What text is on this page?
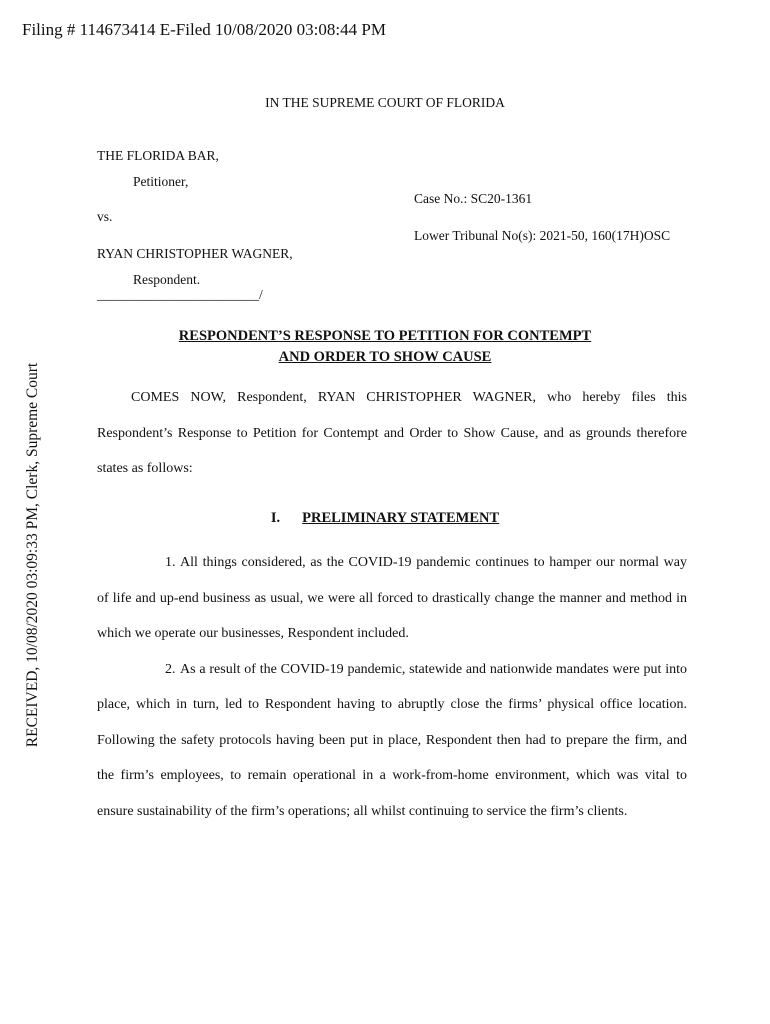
Filing # 114673414 E-Filed 10/08/2020 03:08:44 PM
RECEIVED, 10/08/2020 03:09:33 PM, Clerk, Supreme Court
IN THE SUPREME COURT OF FLORIDA
THE FLORIDA BAR,
Petitioner,
Case No.: SC20-1361
vs.
Lower Tribunal No(s): 2021-50, 160(17H)OSC
RYAN CHRISTOPHER WAGNER,
Respondent.
________________________/
RESPONDENT’S RESPONSE TO PETITION FOR CONTEMPT
AND ORDER TO SHOW CAUSE

COMES NOW, Respondent, RYAN CHRISTOPHER WAGNER, who hereby files this Respondent’s Response to Petition for Contempt and Order to Show Cause, and as grounds therefore states as follows:

I. PRELIMINARY STATEMENT

1. All things considered, as the COVID-19 pandemic continues to hamper our normal way of life and up-end business as usual, we were all forced to drastically change the manner and method in which we operate our businesses, Respondent included.

2. As a result of the COVID-19 pandemic, statewide and nationwide mandates were put into place, which in turn, led to Respondent having to abruptly close the firms’ physical office location. Following the safety protocols having been put in place, Respondent then had to prepare the firm, and the firm’s employees, to remain operational in a work-from-home environment, which was vital to ensure sustainability of the firm’s operations; all whilst continuing to service the firm’s clients.
